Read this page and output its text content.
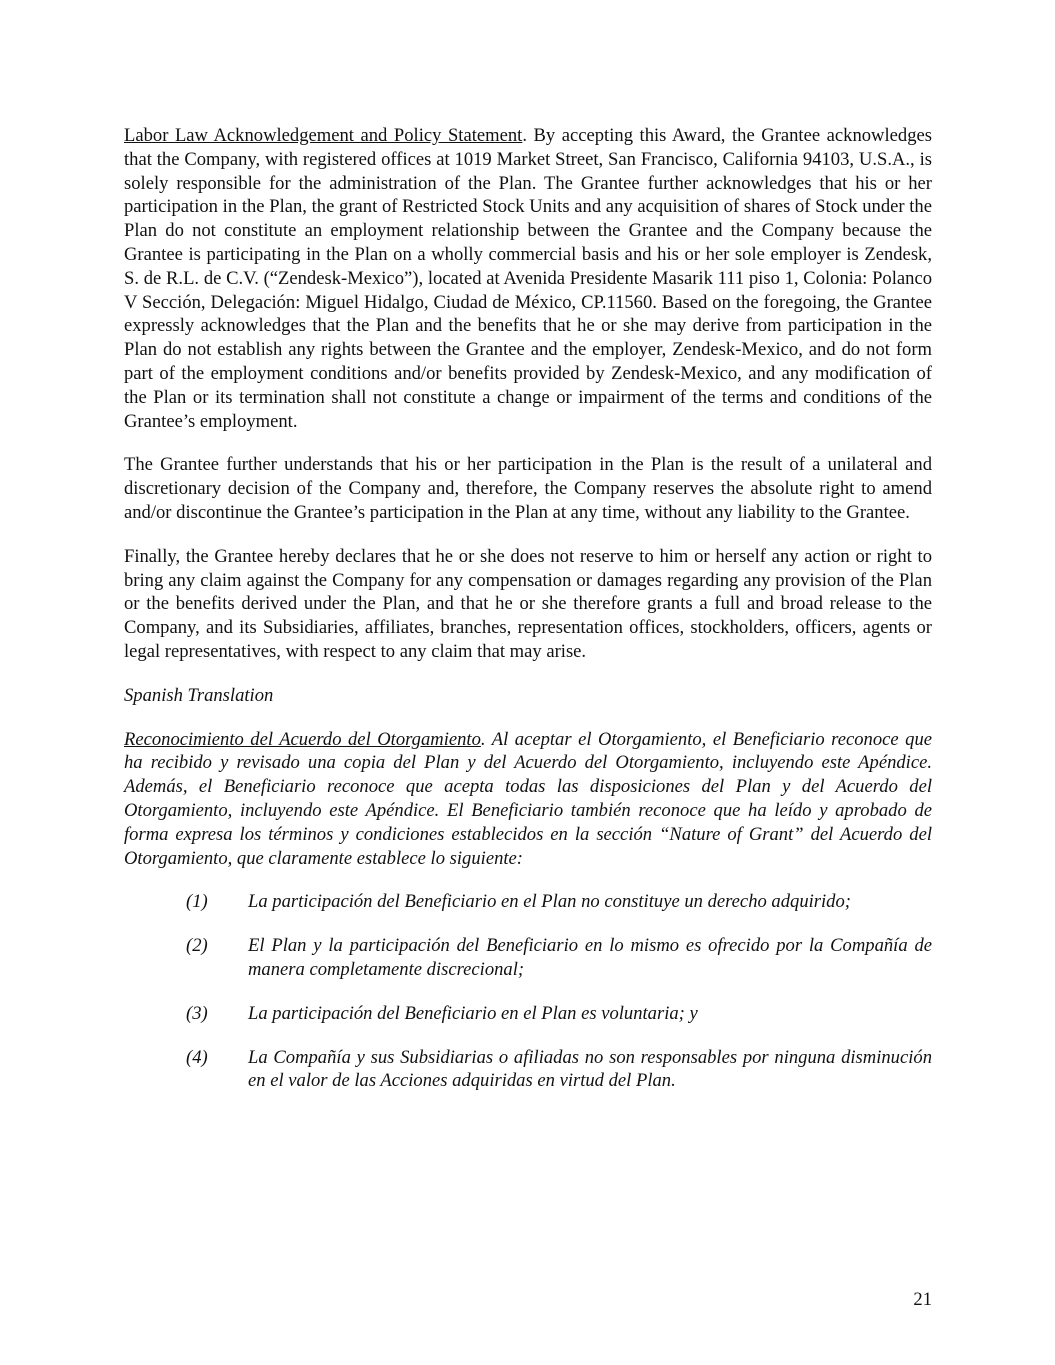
Labor Law Acknowledgement and Policy Statement. By accepting this Award, the Grantee acknowledges that the Company, with registered offices at 1019 Market Street, San Francisco, California 94103, U.S.A., is solely responsible for the administration of the Plan. The Grantee further acknowledges that his or her participation in the Plan, the grant of Restricted Stock Units and any acquisition of shares of Stock under the Plan do not constitute an employment relationship between the Grantee and the Company because the Grantee is participating in the Plan on a wholly commercial basis and his or her sole employer is Zendesk, S. de R.L. de C.V. (“Zendesk-Mexico”), located at Avenida Presidente Masarik 111 piso 1, Colonia: Polanco V Sección, Delegación: Miguel Hidalgo, Ciudad de México, CP.11560. Based on the foregoing, the Grantee expressly acknowledges that the Plan and the benefits that he or she may derive from participation in the Plan do not establish any rights between the Grantee and the employer, Zendesk-Mexico, and do not form part of the employment conditions and/or benefits provided by Zendesk-Mexico, and any modification of the Plan or its termination shall not constitute a change or impairment of the terms and conditions of the Grantee’s employment.

The Grantee further understands that his or her participation in the Plan is the result of a unilateral and discretionary decision of the Company and, therefore, the Company reserves the absolute right to amend and/or discontinue the Grantee’s participation in the Plan at any time, without any liability to the Grantee.

Finally, the Grantee hereby declares that he or she does not reserve to him or herself any action or right to bring any claim against the Company for any compensation or damages regarding any provision of the Plan or the benefits derived under the Plan, and that he or she therefore grants a full and broad release to the Company, and its Subsidiaries, affiliates, branches, representation offices, stockholders, officers, agents or legal representatives, with respect to any claim that may arise.

Spanish Translation

Reconocimiento del Acuerdo del Otorgamiento. Al aceptar el Otorgamiento, el Beneficiario reconoce que ha recibido y revisado una copia del Plan y del Acuerdo del Otorgamiento, incluyendo este Apéndice. Además, el Beneficiario reconoce que acepta todas las disposiciones del Plan y del Acuerdo del Otorgamiento, incluyendo este Apéndice. El Beneficiario también reconoce que ha leído y aprobado de forma expresa los términos y condiciones establecidos en la sección “Nature of Grant” del Acuerdo del Otorgamiento, que claramente establece lo siguiente:

(1) La participación del Beneficiario en el Plan no constituye un derecho adquirido;
(2) El Plan y la participación del Beneficiario en lo mismo es ofrecido por la Compañía de manera completamente discrecional;
(3) La participación del Beneficiario en el Plan es voluntaria; y
(4) La Compañía y sus Subsidiarias o afiliadas no son responsables por ninguna disminución en el valor de las Acciones adquiridas en virtud del Plan.
21
